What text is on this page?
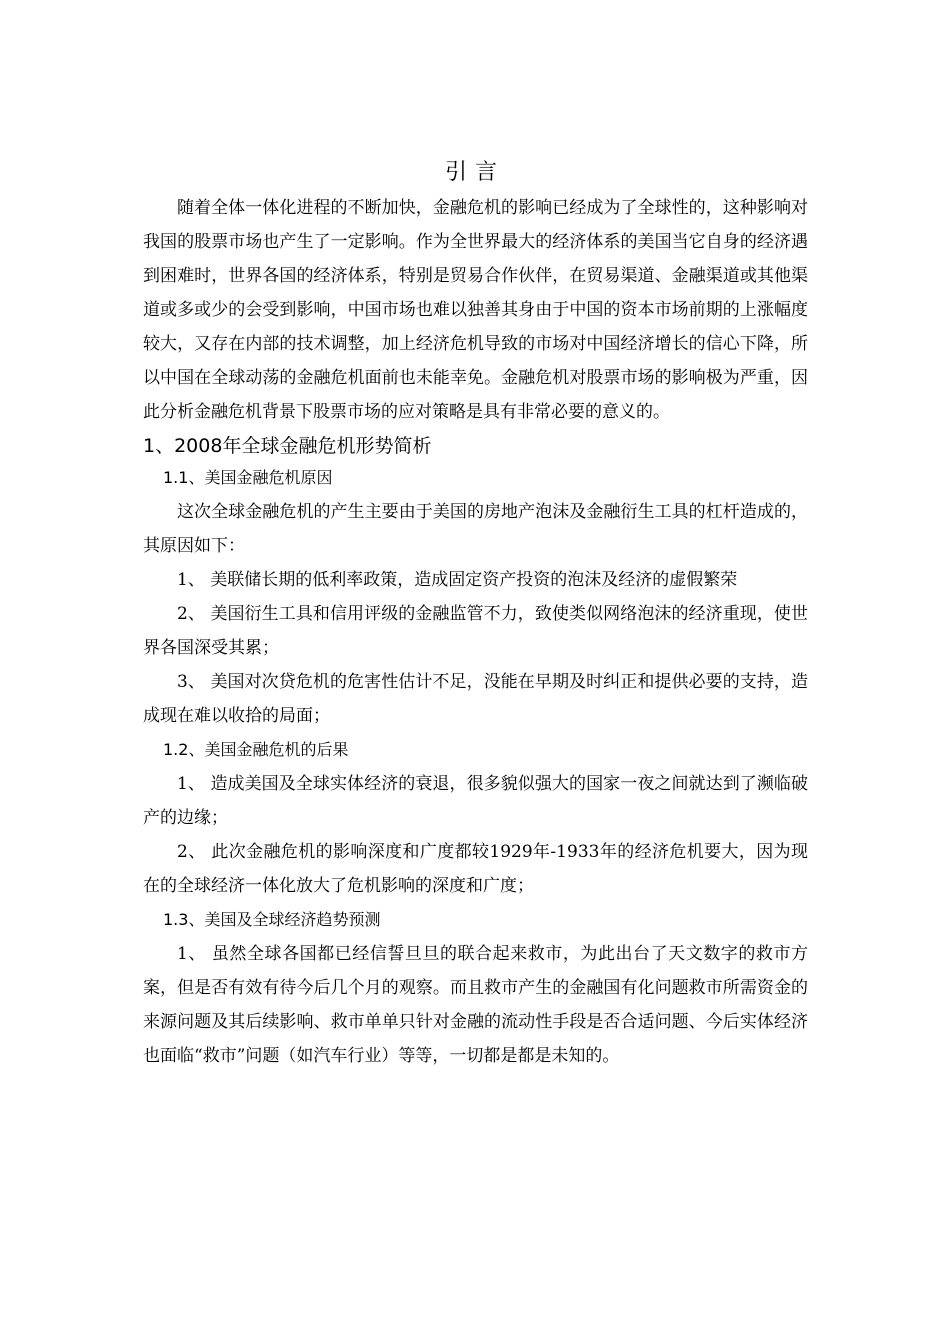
引言

随着全体一体化进程的不断加快，金融危机的影响已经成为了全球性的，这种影响对我国的股票市场也产生了一定影响。作为全世界最大的经济体系的美国当它自身的经济遇到困难时，世界各国的经济体系，特别是贸易合作伙伴，在贸易渠道、金融渠道或其他渠道或多或少的会受到影响，中国市场也难以独善其身由于中国的资本市场前期的上涨幅度较大，又存在内部的技术调整，加上经济危机导致的市场对中国经济增长的信心下降，所以中国在全球动荡的金融危机面前也未能幸免。金融危机对股票市场的影响极为严重，因此分析金融危机背景下股票市场的应对策略是具有非常必要的意义的。

1、2008年全球金融危机形势简析

1.1、美国金融危机原因

这次全球金融危机的产生主要由于美国的房地产泡沫及金融衍生工具的杠杆造成的，其原因如下：

1、 美联储长期的低利率政策，造成固定资产投资的泡沫及经济的虚假繁荣

2、 美国衍生工具和信用评级的金融监管不力，致使类似网络泡沫的经济重现，使世界各国深受其累；

3、 美国对次贷危机的危害性估计不足，没能在早期及时纠正和提供必要的支持，造成现在难以收拾的局面；

1.2、美国金融危机的后果

1、 造成美国及全球实体经济的衰退，很多貌似强大的国家一夜之间就达到了濒临破产的边缘；

2、 此次金融危机的影响深度和广度都较1929年-1933年的经济危机要大，因为现在的全球经济一体化放大了危机影响的深度和广度；

1.3、美国及全球经济趋势预测

1、 虽然全球各国都已经信誓旦旦的联合起来救市，为此出台了天文数字的救市方案，但是否有效有待今后几个月的观察。而且救市产生的金融国有化问题救市所需资金的来源问题及其后续影响、救市单单只针对金融的流动性手段是否合适问题、今后实体经济也面临“救市”问题（如汽车行业）等等，一切都是都是未知的。
